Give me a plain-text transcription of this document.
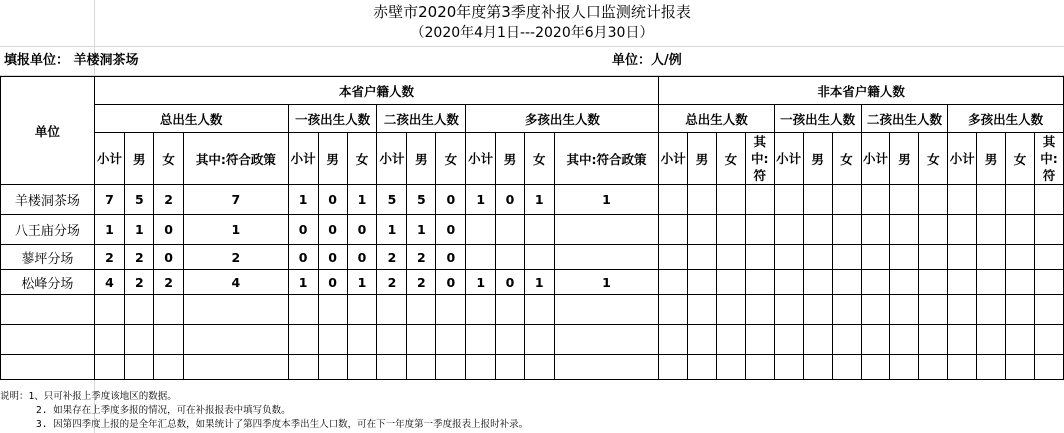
赤壁市2020年度第3季度补报人口监测统计报表
（2020年4月1日---2020年6月30日）
填报单位： 羊楼洞茶场	单位：人/例
单位	本省户籍人数														非本省户籍人数													
	总出生人数				一孩出生人数			二孩出生人数			多孩出生人数				总出生人数				一孩出生人数			二孩出生人数			多孩出生人数			
	小计	男	女	其中:符合政策	小计	男	女	小计	男	女	小计	男	女	其中:符合政策	小计	男	女	其中:符	小计	男	女	小计	男	女	小计	男	女	其中:符
羊楼洞茶场	7	5	2	7	1	0	1	5	5	0	1	0	1	1														
八王庙分场	1	1	0	1	0	0	0	1	1	0																		
蓼坪分场	2	2	0	2	0	0	0	2	2	0																		
松峰分场	4	2	2	4	1	0	1	2	2	0	1	0	1	1														

说明：1、只可补报上季度该地区的数据。
2. 如果存在上季度多报的情况，可在补报报表中填写负数。
3. 因第四季度上报的是全年汇总数，如果统计了第四季度本季出生人口数，可在下一年度第一季度报表上报时补录。
